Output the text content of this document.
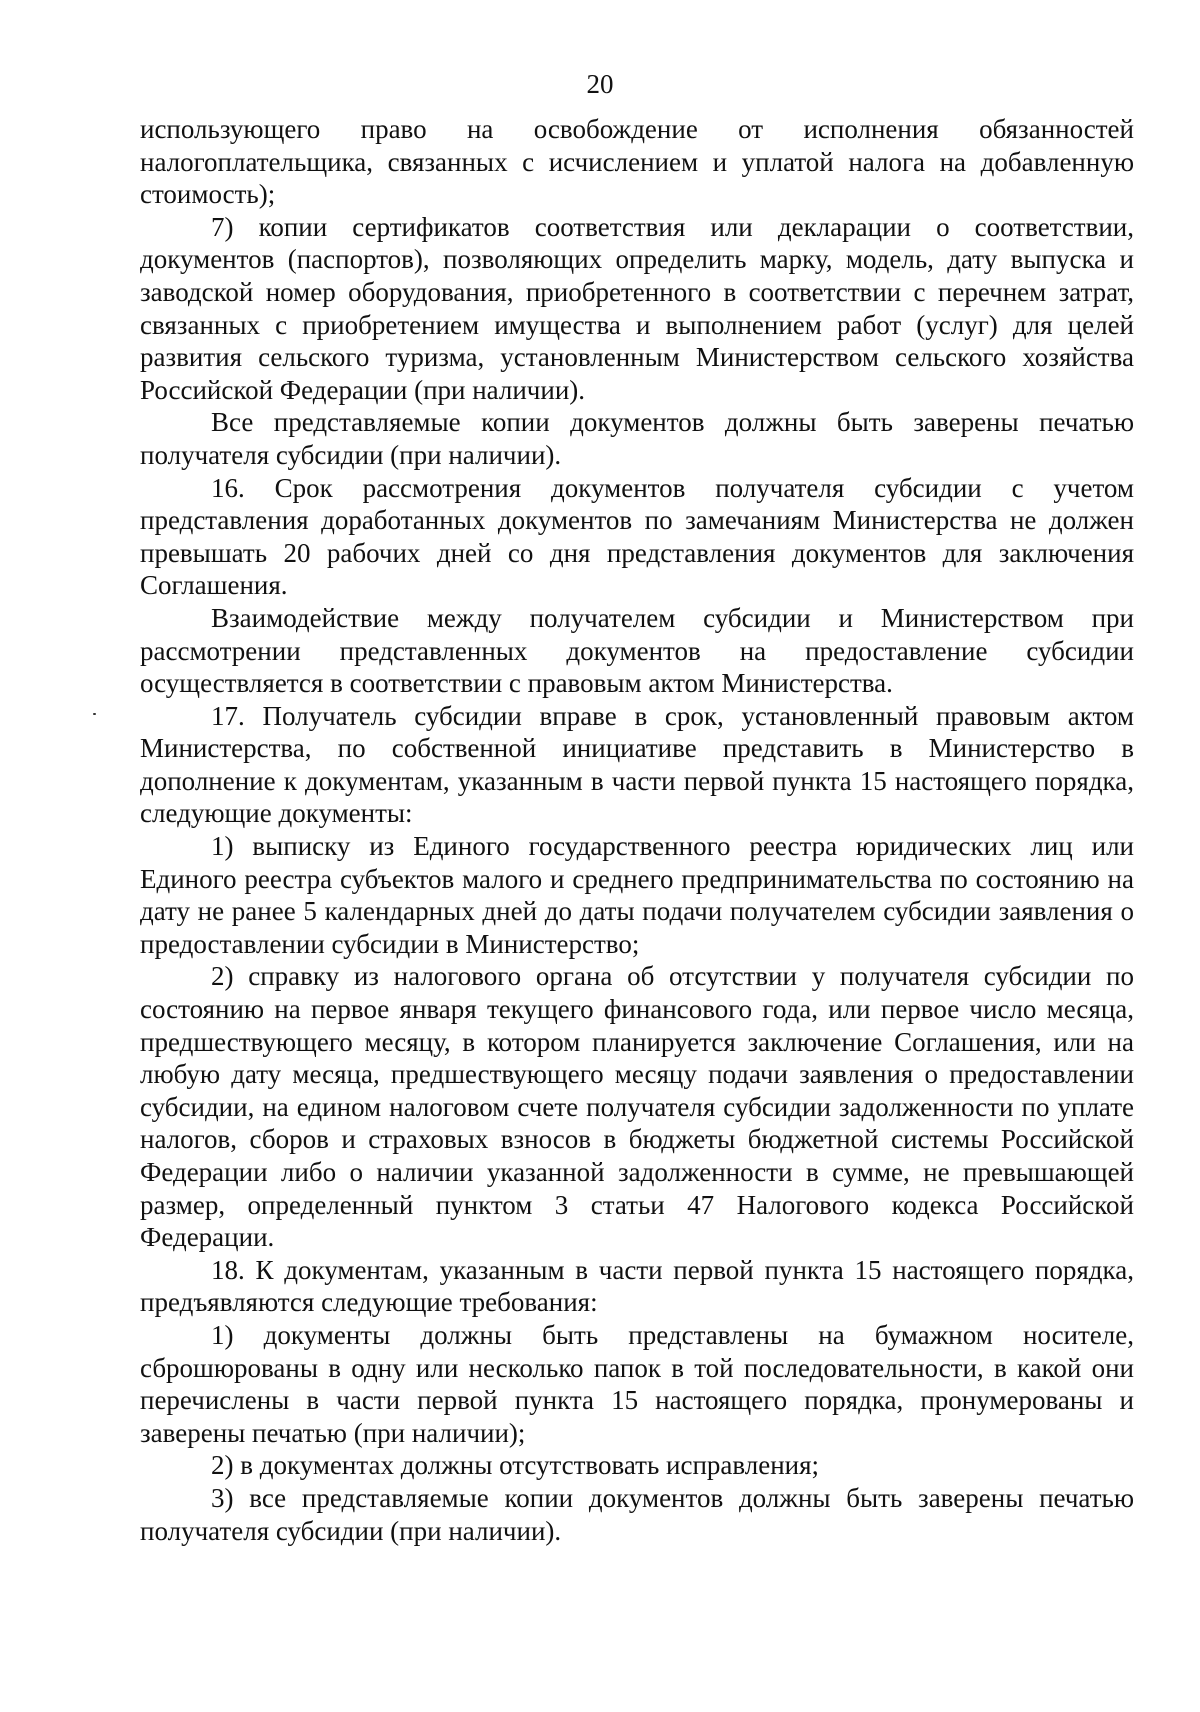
20

использующего право на освобождение от исполнения обязанностей налогоплательщика, связанных с исчислением и уплатой налога на добавленную стоимость);

7) копии сертификатов соответствия или декларации о соответствии, документов (паспортов), позволяющих определить марку, модель, дату выпуска и заводской номер оборудования, приобретенного в соответствии с перечнем затрат, связанных с приобретением имущества и выполнением работ (услуг) для целей развития сельского туризма, установленным Министерством сельского хозяйства Российской Федерации (при наличии).

Все представляемые копии документов должны быть заверены печатью получателя субсидии (при наличии).

16. Срок рассмотрения документов получателя субсидии с учетом представления доработанных документов по замечаниям Министерства не должен превышать 20 рабочих дней со дня представления документов для заключения Соглашения.

Взаимодействие между получателем субсидии и Министерством при рассмотрении представленных документов на предоставление субсидии осуществляется в соответствии с правовым актом Министерства.

17. Получатель субсидии вправе в срок, установленный правовым актом Министерства, по собственной инициативе представить в Министерство в дополнение к документам, указанным в части первой пункта 15 настоящего порядка, следующие документы:

1) выписку из Единого государственного реестра юридических лиц или Единого реестра субъектов малого и среднего предпринимательства по состоянию на дату не ранее 5 календарных дней до даты подачи получателем субсидии заявления о предоставлении субсидии в Министерство;

2) справку из налогового органа об отсутствии у получателя субсидии по состоянию на первое января текущего финансового года, или первое число месяца, предшествующего месяцу, в котором планируется заключение Соглашения, или на любую дату месяца, предшествующего месяцу подачи заявления о предоставлении субсидии, на едином налоговом счете получателя субсидии задолженности по уплате налогов, сборов и страховых взносов в бюджеты бюджетной системы Российской Федерации либо о наличии указанной задолженности в сумме, не превышающей размер, определенный пунктом 3 статьи 47 Налогового кодекса Российской Федерации.

18. К документам, указанным в части первой пункта 15 настоящего порядка, предъявляются следующие требования:

1) документы должны быть представлены на бумажном носителе, сброшюрованы в одну или несколько папок в той последовательности, в какой они перечислены в части первой пункта 15 настоящего порядка, пронумерованы и заверены печатью (при наличии);

2) в документах должны отсутствовать исправления;

3) все представляемые копии документов должны быть заверены печатью получателя субсидии (при наличии).
